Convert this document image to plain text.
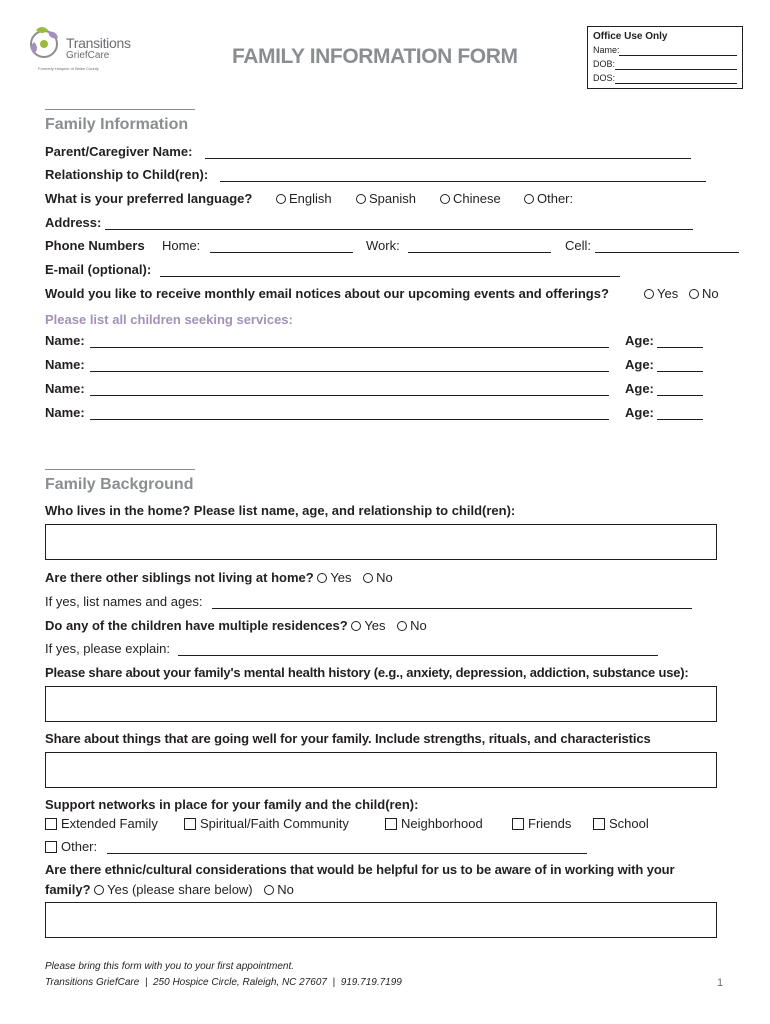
Transitions
GriefCare
Formerly Hospice of Wake County
FAMILY INFORMATION FORM
Office Use Only
Name:
DOB:
DOS:
Family Information
Parent/Caregiver Name:
Relationship to Child(ren):
What is your preferred language?	English	Spanish	Chinese	Other:
Address:
Phone Numbers Home:	Work:	Cell:
E-mail (optional):
Would you like to receive monthly email notices about our upcoming events and offerings?	Yes	No
Please list all children seeking services:
Name:	Age:
Name:	Age:
Name:	Age:
Name:	Age:
Family Background
Who lives in the home? Please list name, age, and relationship to child(ren):
Are there other siblings not living at home? Yes No
If yes, list names and ages:
Do any of the children have multiple residences? Yes No
If yes, please explain:
Please share about your family's mental health history (e.g., anxiety, depression, addiction, substance use):
Share about things that are going well for your family. Include strengths, rituals, and characteristics
Support networks in place for your family and the child(ren):
Extended Family	Spiritual/Faith Community	Neighborhood	Friends	School
Other:
Are there ethnic/cultural considerations that would be helpful for us to be aware of in working with your
family? Yes (please share below) No
Please bring this form with you to your first appointment.
Transitions GriefCare  |  250 Hospice Circle, Raleigh, NC 27607  |  919.719.7199	1
